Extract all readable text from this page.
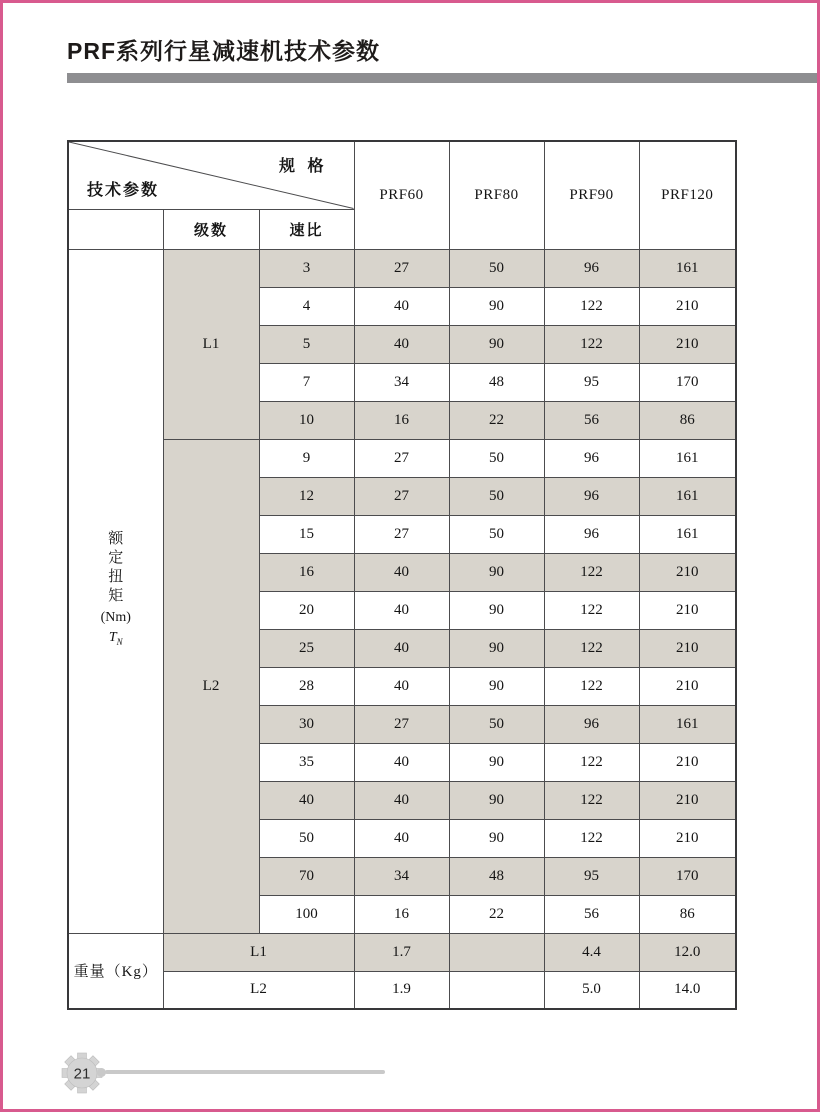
PRF系列行星减速机技术参数
规 格
技术参数			PRF60	PRF80	PRF90	PRF120
	级数	速比				

额
定
扭
矩
(Nm)
$T_N$
	L1	3	27	50	96	161
		4	40	90	122	210
		5	40	90	122	210
		7	34	48	95	170
		10	16	22	56	86
	L2	9	27	50	96	161
		12	27	50	96	161
		15	27	50	96	161
		16	40	90	122	210
		20	40	90	122	210
		25	40	90	122	210
		28	40	90	122	210
		30	27	50	96	161
		35	40	90	122	210
		40	40	90	122	210
		50	40	90	122	210
		70	34	48	95	170
		100	16	22	56	86
重量（Kg）	L1		1.7		4.4	12.0
	L2		1.9		5.0	14.0
21
